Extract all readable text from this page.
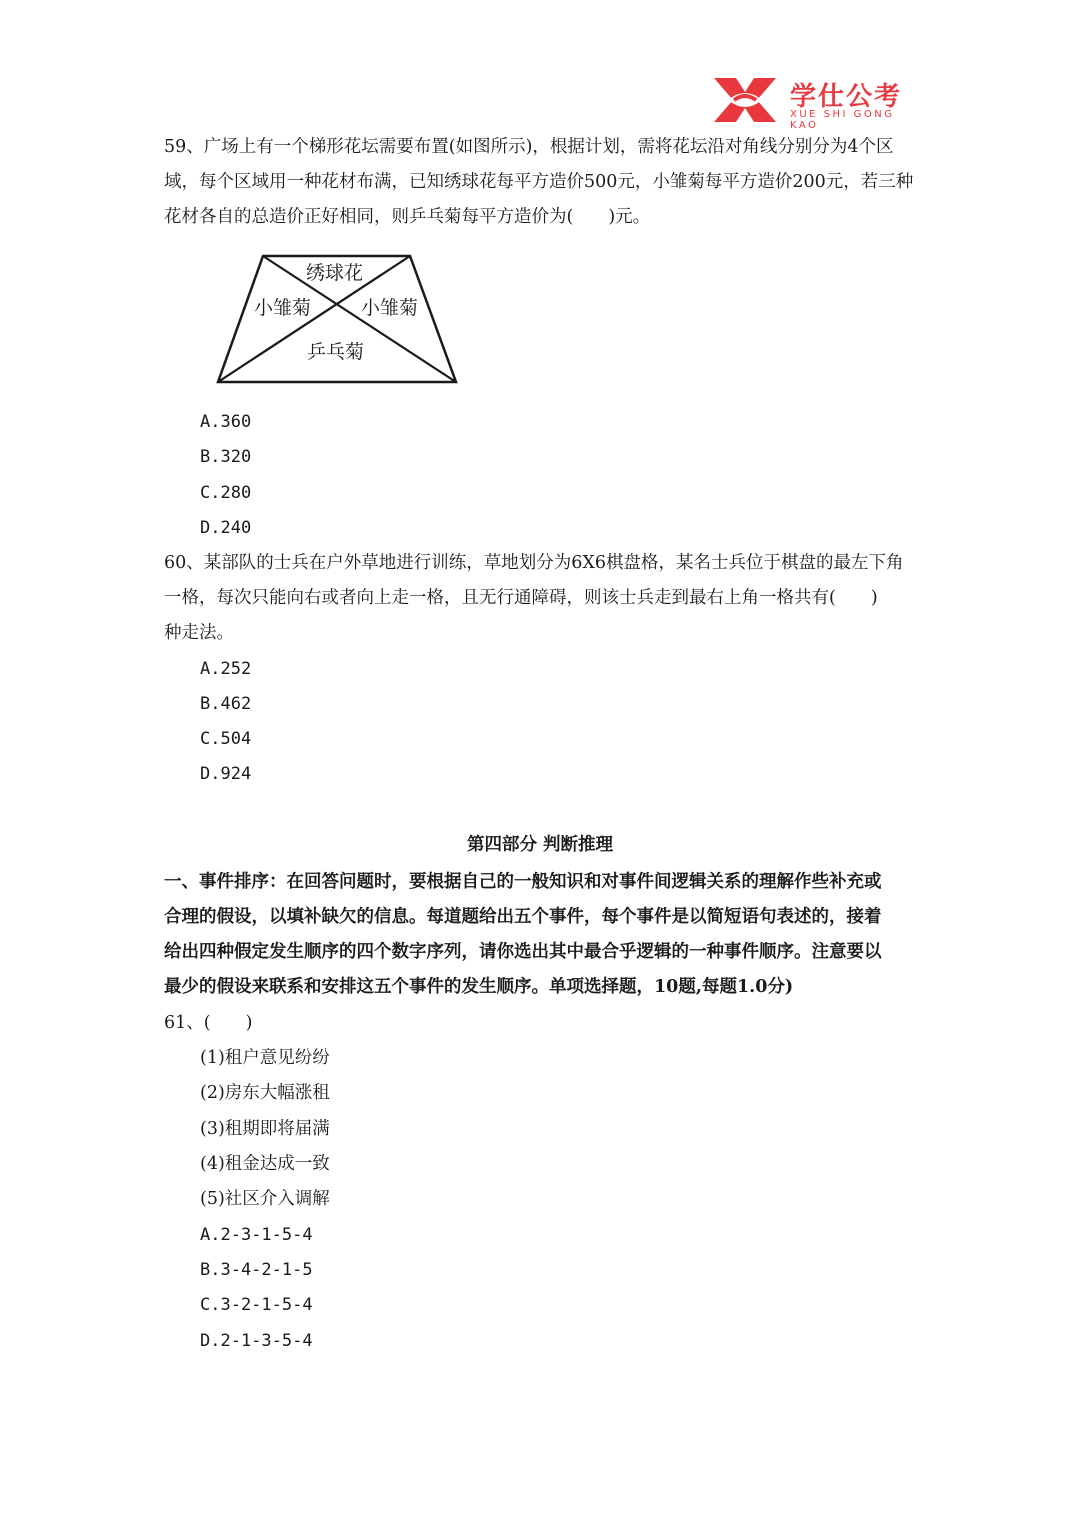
学仕公考
XUE SHI GONG KAO
59、广场上有一个梯形花坛需要布置(如图所示)，根据计划，需将花坛沿对角线分别分为4个区
域，每个区域用一种花材布满，已知绣球花每平方造价500元，小雏菊每平方造价200元，若三种
花材各自的总造价正好相同，则乒乓菊每平方造价为(　　)元。
绣球花
小雏菊	小雏菊
乒乓菊
A.360
B.320
C.280
D.240
60、某部队的士兵在户外草地进行训练，草地划分为6X6棋盘格，某名士兵位于棋盘的最左下角
一格，每次只能向右或者向上走一格，且无行通障碍，则该士兵走到最右上角一格共有(　　)
种走法。
A.252
B.462
C.504
D.924
第四部分 判断推理
一、事件排序：在回答问题时，要根据自己的一般知识和对事件间逻辑关系的理解作些补充或
合理的假设，以填补缺欠的信息。每道题给出五个事件，每个事件是以简短语句表述的，接着
给出四种假定发生顺序的四个数字序列，请你选出其中最合乎逻辑的一种事件顺序。注意要以
最少的假设来联系和安排这五个事件的发生顺序。单项选择题，10题,每题1.0分)
61、(　　)
(1)租户意见纷纷
(2)房东大幅涨租
(3)租期即将届满
(4)租金达成一致
(5)社区介入调解
A.2-3-1-5-4
B.3-4-2-1-5
C.3-2-1-5-4
D.2-1-3-5-4
